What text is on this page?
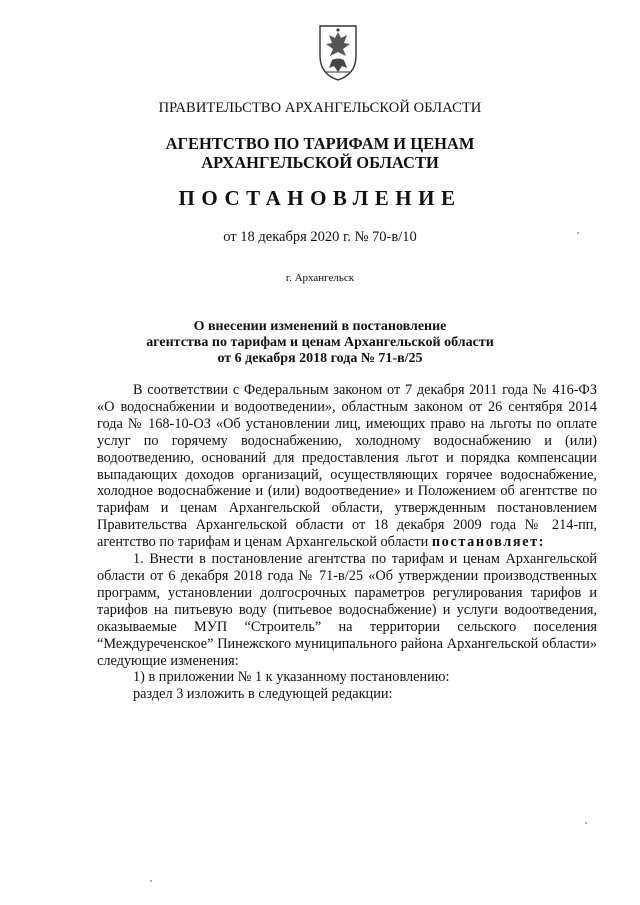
ПРАВИТЕЛЬСТВО АРХАНГЕЛЬСКОЙ ОБЛАСТИ
АГЕНТСТВО ПО ТАРИФАМ И ЦЕНАМ
АРХАНГЕЛЬСКОЙ ОБЛАСТИ
ПОСТАНОВЛЕНИЕ
от 18 декабря 2020 г. № 70-в/10
г. Архангельск
О внесении изменений в постановление
агентства по тарифам и ценам Архангельской области
от 6 декабря 2018 года № 71-в/25

В соответствии с Федеральным законом от 7 декабря 2011 года № 416-ФЗ «О водоснабжении и водоотведении», областным законом от 26 сентября 2014 года № 168-10-ОЗ «Об установлении лиц, имеющих право на льготы по оплате услуг по горячему водоснабжению, холодному водоснабжению и (или) водоотведению, оснований для предоставления льгот и порядка компенсации выпадающих доходов организаций, осуществляющих горячее водоснабжение, холодное водоснабжение и (или) водоотведение» и Положением об агентстве по тарифам и ценам Архангельской области, утвержденным постановлением Правительства Архангельской области от 18 декабря 2009 года № 214-пп, агентство по тарифам и ценам Архангельской области постановляет:

1. Внести в постановление агентства по тарифам и ценам Архангельской области от 6 декабря 2018 года № 71-в/25 «Об утверждении производственных программ, установлении долгосрочных параметров регулирования тарифов и тарифов на питьевую воду (питьевое водоснабжение) и услуги водоотведения, оказываемые МУП “Строитель” на территории сельского поселения “Междуреченское” Пинежского муниципального района Архангельской области» следующие изменения:

1) в приложении № 1 к указанному постановлению:

раздел 3 изложить в следующей редакции:
